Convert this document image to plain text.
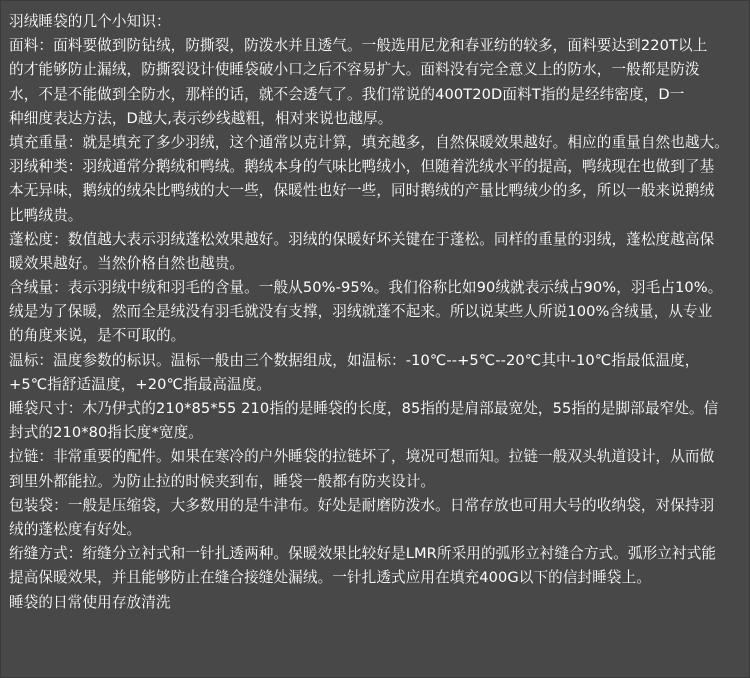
羽绒睡袋的几个小知识：
面料：面料要做到防钻绒，防撕裂，防泼水并且透气。一般选用尼龙和春亚纺的较多，面料要达到220T以上
的才能够防止漏绒，防撕裂设计使睡袋破小口之后不容易扩大。面料没有完全意义上的防水，一般都是防泼
水，不是不能做到全防水，那样的话，就不会透气了。我们常说的400T20D面料T指的是经纬密度，D一
种细度表达方法，D越大,表示纱线越粗，相对来说也越厚。
填充重量：就是填充了多少羽绒，这个通常以克计算，填充越多，自然保暖效果越好。相应的重量自然也越大。
羽绒种类：羽绒通常分鹅绒和鸭绒。鹅绒本身的气味比鸭绒小，但随着洗绒水平的提高，鸭绒现在也做到了基
本无异味，鹅绒的绒朵比鸭绒的大一些，保暖性也好一些，同时鹅绒的产量比鸭绒少的多，所以一般来说鹅绒
比鸭绒贵。
蓬松度：数值越大表示羽绒蓬松效果越好。羽绒的保暖好坏关键在于蓬松。同样的重量的羽绒，蓬松度越高保
暖效果越好。当然价格自然也越贵。
含绒量：表示羽绒中绒和羽毛的含量。一般从50%-95%。我们俗称比如90绒就表示绒占90%，羽毛占10%。
绒是为了保暖，然而全是绒没有羽毛就没有支撑，羽绒就蓬不起来。所以说某些人所说100%含绒量，从专业
的角度来说，是不可取的。
温标：温度参数的标识。温标一般由三个数据组成，如温标：-10℃--+5℃--20℃其中-10℃指最低温度，
+5℃指舒适温度，+20℃指最高温度。
睡袋尺寸：木乃伊式的210*85*55 210指的是睡袋的长度，85指的是肩部最宽处，55指的是脚部最窄处。信
封式的210*80指长度*宽度。
拉链：非常重要的配件。如果在寒冷的户外睡袋的拉链坏了，境况可想而知。拉链一般双头轨道设计，从而做
到里外都能拉。为防止拉的时候夹到布，睡袋一般都有防夹设计。
包装袋：一般是压缩袋，大多数用的是牛津布。好处是耐磨防泼水。日常存放也可用大号的收纳袋，对保持羽
绒的蓬松度有好处。
绗缝方式：绗缝分立衬式和一针扎透两种。保暖效果比较好是LMR所采用的弧形立衬缝合方式。弧形立衬式能
提高保暖效果，并且能够防止在缝合接缝处漏绒。一针扎透式应用在填充400G以下的信封睡袋上。
睡袋的日常使用存放清洗
